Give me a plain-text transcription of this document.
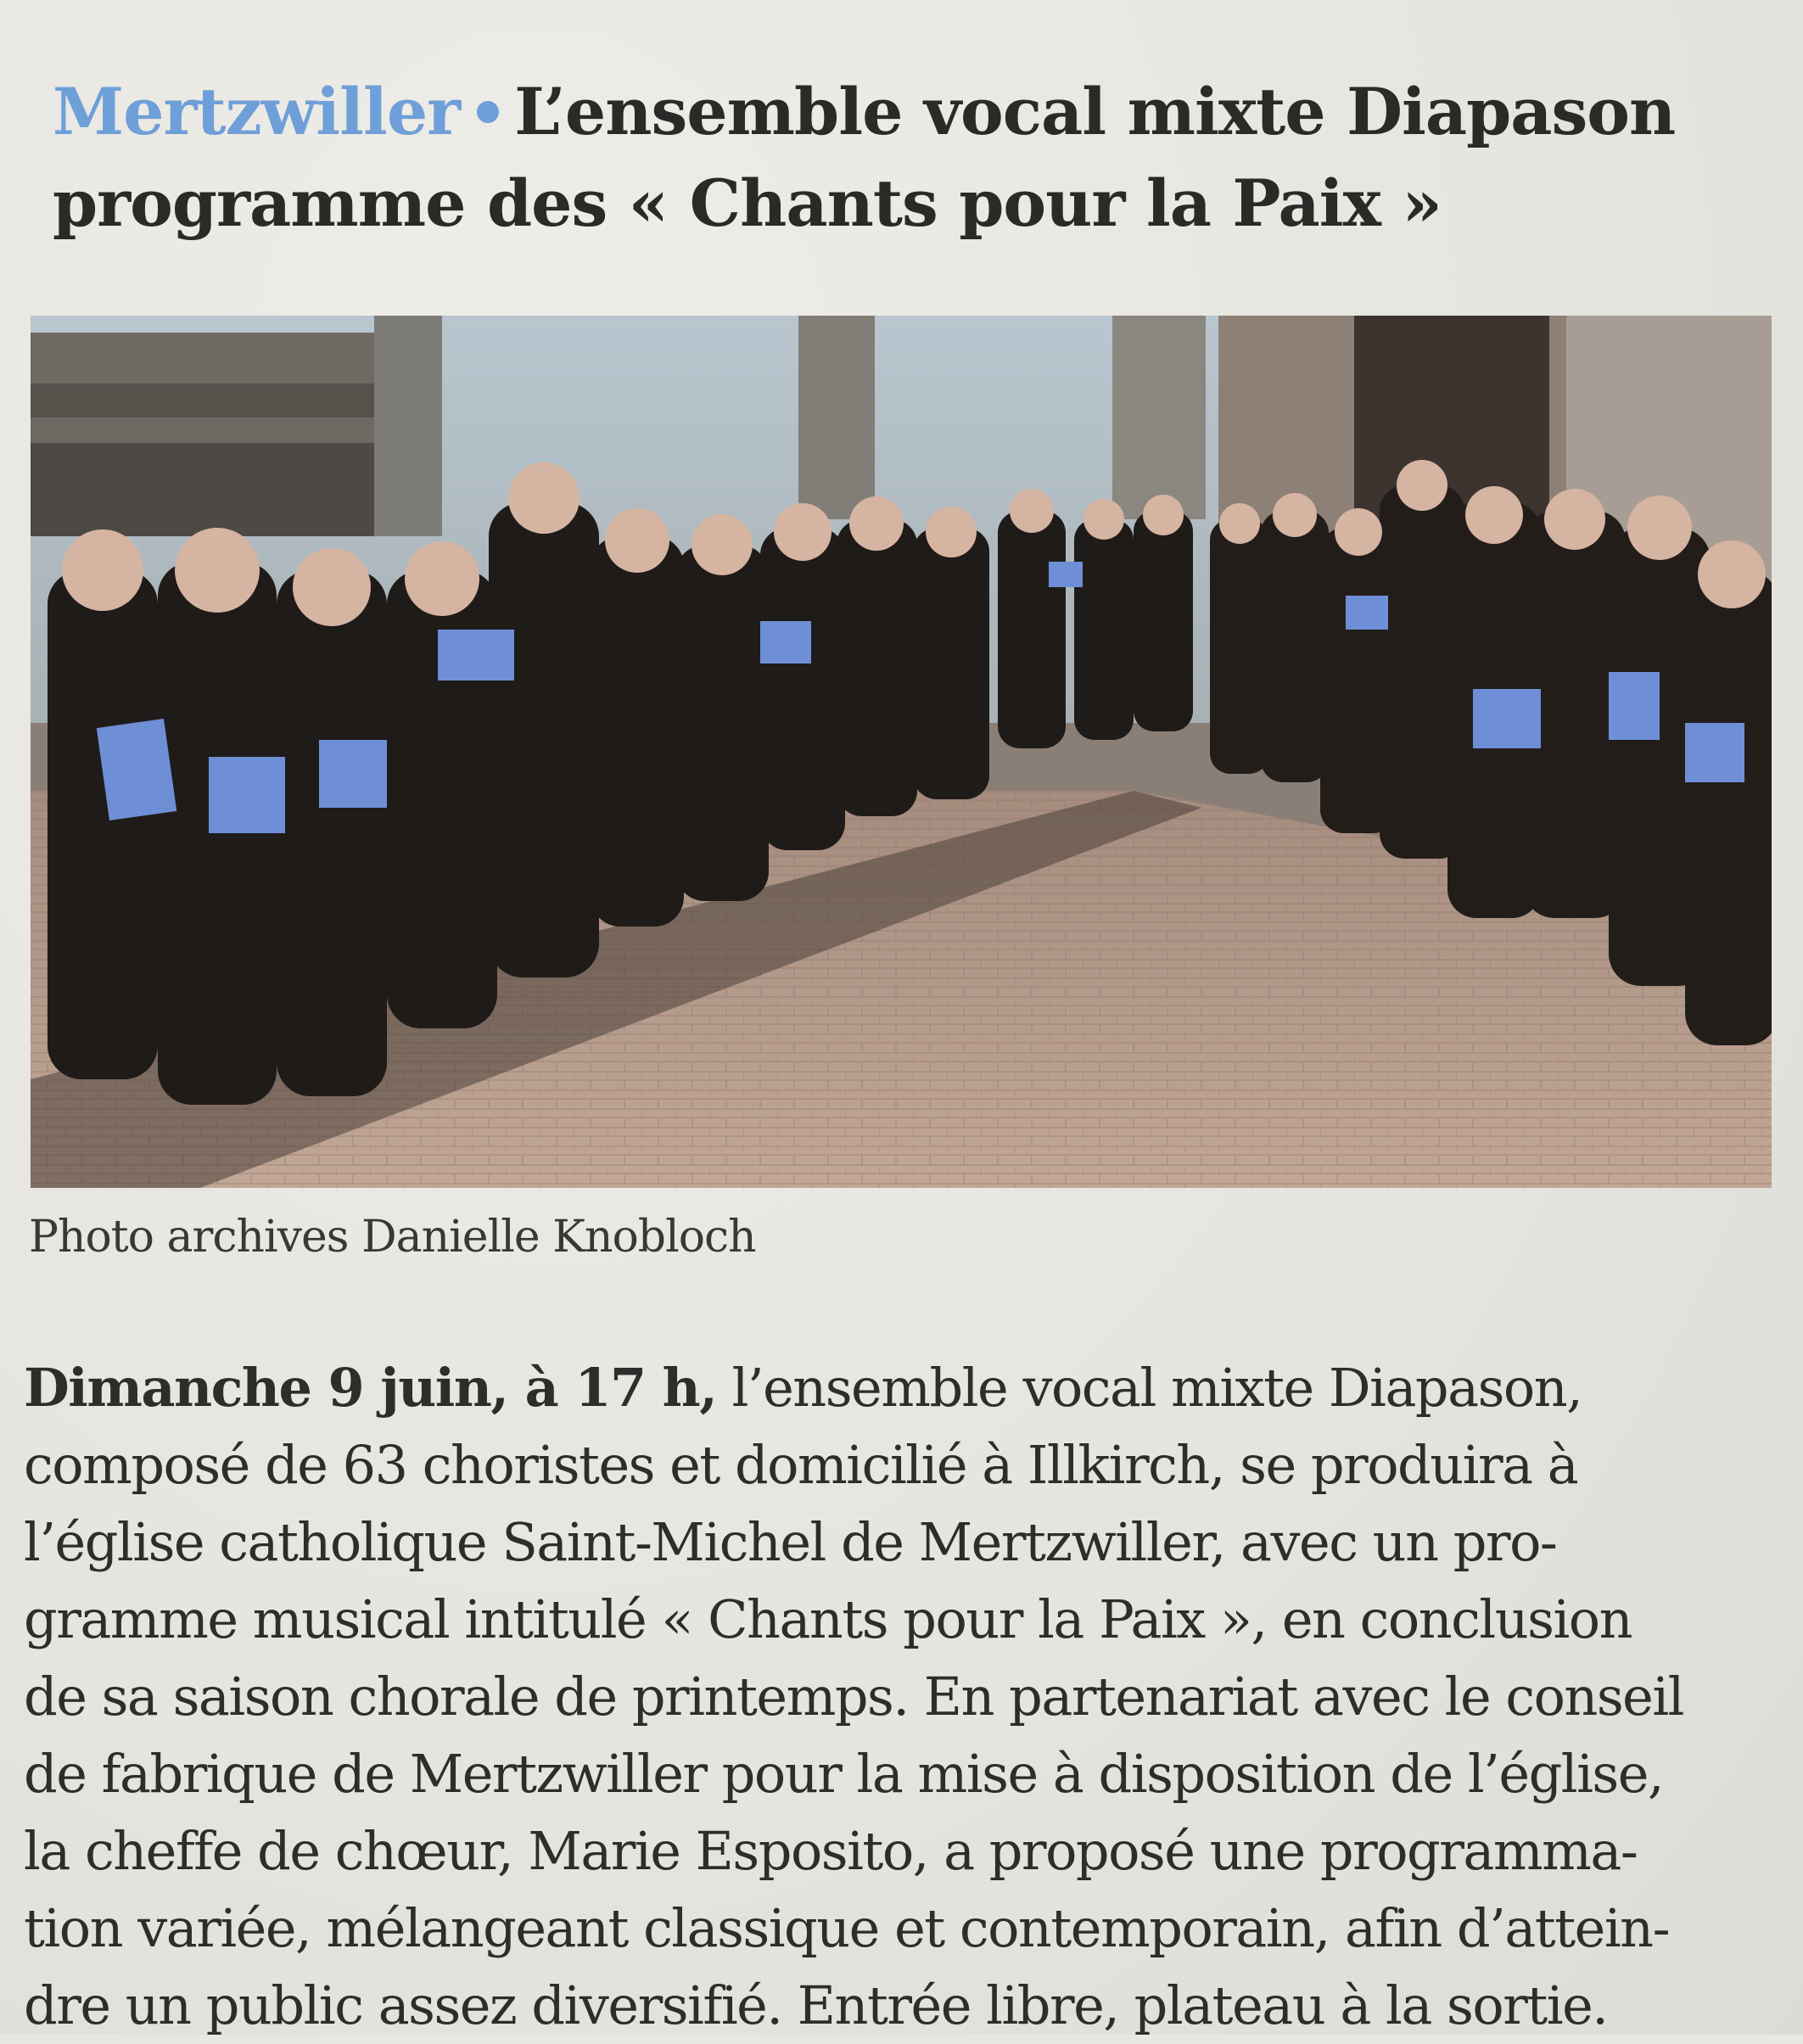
Mertzwiller L’ensemble vocal mixte Diapason
programme des « Chants pour la Paix »
Photo archives Danielle Knobloch
Dimanche 9 juin, à 17 h, l’ensemble vocal mixte Diapason,
composé de 63 choristes et domicilié à Illkirch, se produira à
l’église catholique Saint-Michel de Mertzwiller, avec un pro-
gramme musical intitulé « Chants pour la Paix », en conclusion
de sa saison chorale de printemps. En partenariat avec le conseil
de fabrique de Mertzwiller pour la mise à disposition de l’église,
la cheffe de chœur, Marie Esposito, a proposé une programma-
tion variée, mélangeant classique et contemporain, afin d’attein-
dre un public assez diversifié. Entrée libre, plateau à la sortie.
